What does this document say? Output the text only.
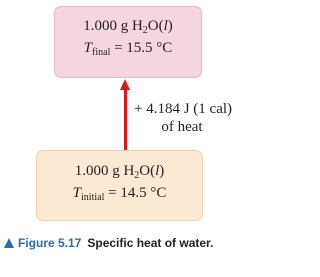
1.000 g $H_2O(l)$
$T_{final} = 15.5$ °C
+ 4.184 J (1 cal)
of heat
1.000 g $H_2O(l)$
$T_{initial} = 14.5$ °C
Figure 5.17 Specific heat of water.
